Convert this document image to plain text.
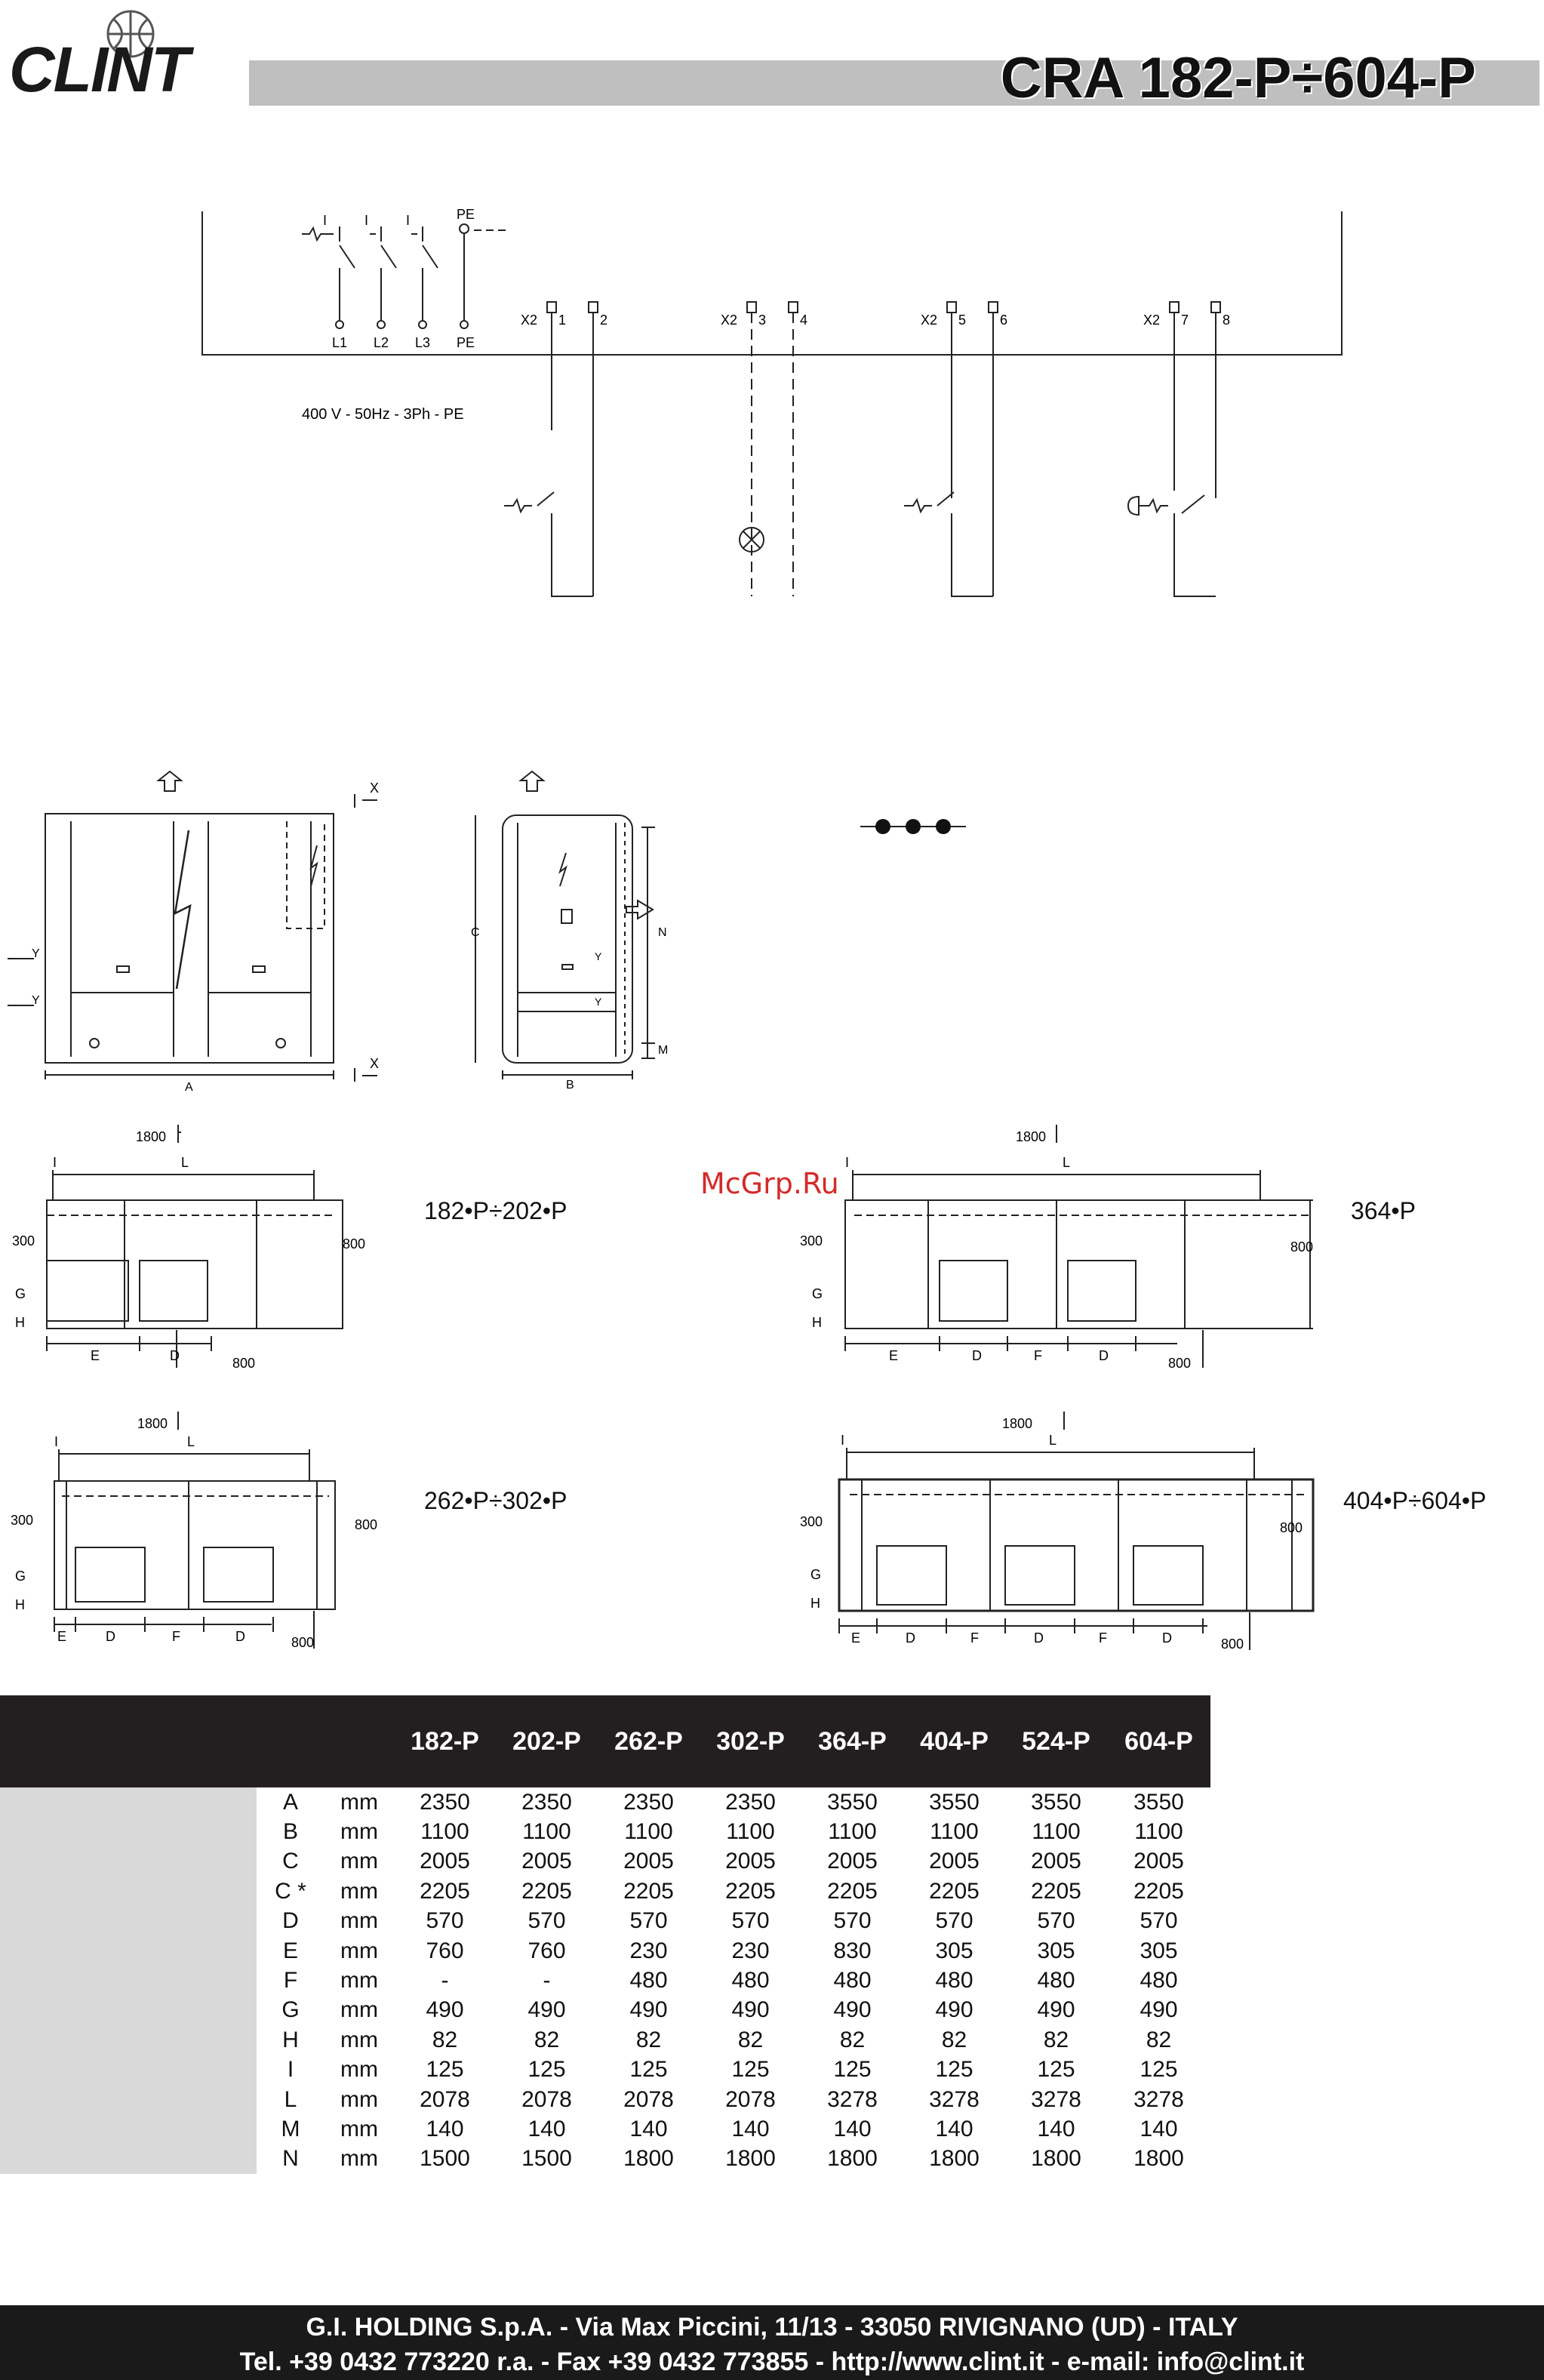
CLINT	CRA 182-P÷604-P
I	I	I	PE
L1 L2 L3 PE
400 V - 50Hz - 3Ph - PE
X2 1 2	X2 3 4	X2 5 6	X2 7 8
X
X
Y
Y
A	B
C	N
M
Y
Y
1800
I	L
300	800
G
H
E	D	800
182•P÷202•P
1800
I	L
300	800
G
H
E	D	F	D	800
364•P
1800
I	L
300	800
G
H
E	D	F	D	800
262•P÷302•P
1800
I	L
300	800
G
H
E	D	F	D	F	D	800
404•P÷604•P
McGrp.Ru
			182-P	202-P	262-P	302-P	364-P	404-P	524-P	604-P
	A	mm	2350	2350	2350	2350	3550	3550	3550	3550
	B	mm	1100	1100	1100	1100	1100	1100	1100	1100
	C	mm	2005	2005	2005	2005	2005	2005	2005	2005
	C *	mm	2205	2205	2205	2205	2205	2205	2205	2205
	D	mm	570	570	570	570	570	570	570	570
	E	mm	760	760	230	230	830	305	305	305
	F	mm	-	-	480	480	480	480	480	480
	G	mm	490	490	490	490	490	490	490	490
	H	mm	82	82	82	82	82	82	82	82
	I	mm	125	125	125	125	125	125	125	125
	L	mm	2078	2078	2078	2078	3278	3278	3278	3278
	M	mm	140	140	140	140	140	140	140	140
	N	mm	1500	1500	1800	1800	1800	1800	1800	1800
G.I. HOLDING S.p.A. - Via Max Piccini, 11/13 - 33050 RIVIGNANO (UD) - ITALY
Tel. +39 0432 773220 r.a. - Fax +39 0432 773855 - http://www.clint.it - e-mail: info@clint.it
